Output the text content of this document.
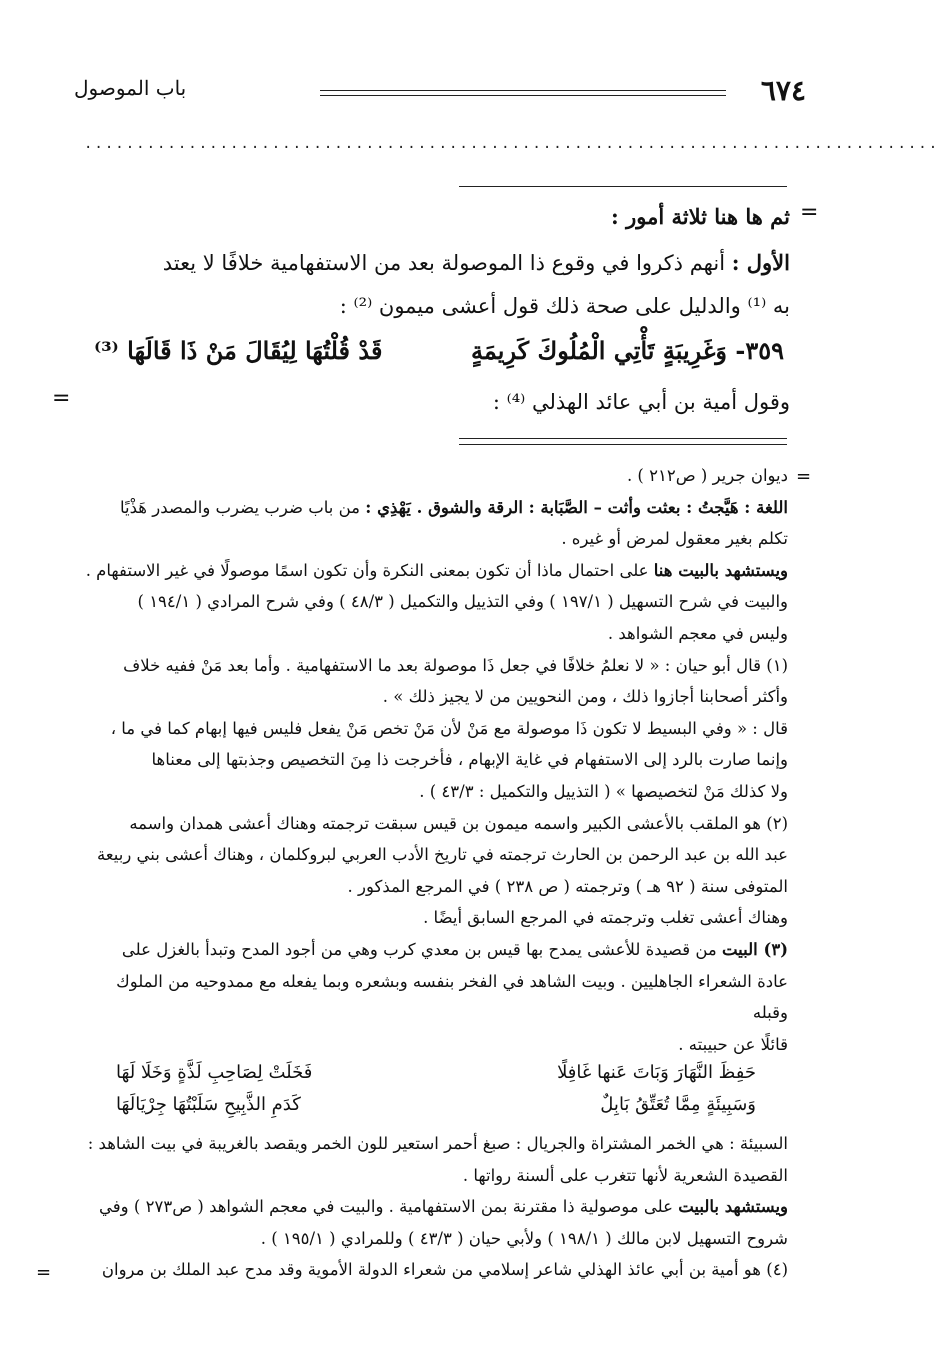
٦٧٤
باب الموصول
··················································································
=
ثم ها هنا ثلاثة أمور :
الأول : أنهم ذكروا في وقوع ذا الموصولة بعد من الاستفهامية خلافًا لا يعتد
به ⁽¹⁾ والدليل على صحة ذلك قول أعشى ميمون ⁽²⁾ :
٣٥٩- وَغَرِيبَةٍ تَأْتِي الْمُلُوكَ كَرِيمَةٍ
قَدْ قُلْتُهَا لِيُقَالَ مَنْ ذَا قَالَهَا ⁽³⁾
=	وقول أمية بن أبي عائد الهذلي ⁽⁴⁾ :
=

ديوان جرير ( ص٢١٢ ) .

اللغة : هَيَّجتُ : بعثت وأثت – الصَّبَابة : الرقة والشوق . يَهْذِي : من باب ضرب يضرب والمصدر هَذْيًا

تكلم بغير معقول لمرض أو غيره .

ويستشهد بالبيت هنا على احتمال ماذا أن تكون بمعنى النكرة وأن تكون اسمًا موصولًا في غير الاستفهام .

والبيت في شرح التسهيل ( ١٩٧/١ ) وفي التذييل والتكميل ( ٤٨/٣ ) وفي شرح المرادي ( ١٩٤/١ )

وليس في معجم الشواهد .

(١) قال أبو حيان : « لا نعلمُ خلافًا في جعل ذَا موصولة بعد ما الاستفهامية . وأما بعد مَنْ ففيه خلاف

وأكثر أصحابنا أجازوا ذلك ، ومن النحويين من لا يجيز ذلك » .

قال : « وفي البسيط لا تكون ذَا موصولة مع مَنْ لأن مَنْ تخص مَنْ يفعل فليس فيها إبهام كما في ما ،

وإنما صارت بالرد إلى الاستفهام في غاية الإبهام ، فأخرجت ذا مِنَ التخصيص وجذبتها إلى معناها

ولا كذلك مَنْ لتخصيصها » ( التذييل والتكميل : ٤٣/٣ ) .

(٢) هو الملقب بالأعشى الكبير واسمه ميمون بن قيس سبقت ترجمته وهناك أعشى همدان واسمه

عبد الله بن عبد الرحمن بن الحارث ترجمته في تاريخ الأدب العربي لبروكلمان ، وهناك أعشى بني ربيعة

المتوفى سنة ( ٩٢ هـ ) وترجمته ( ص ٢٣٨ ) في المرجع المذكور .

وهناك أعشى تغلب وترجمته في المرجع السابق أيضًا .

(٣) البيت من قصيدة للأعشى يمدح بها قيس بن معدي كرب وهي من أجود المدح وتبدأ بالغزل على

عادة الشعراء الجاهليين . وبيت الشاهد في الفخر بنفسه وبشعره وبما يفعله مع ممدوحيه من الملوك وقبله

قائلًا عن حبيبته .

حَفِظَ النَّهَارَ وَبَاتَ عَنها غَافِلًا
فَخَلَتْ لِصَاحِبِ لَذَّةٍ وَخَلَا لَهَا
وَسَبِيئَةٍ مِمَّا تُعَتِّقُ بَابِلٌ
كَدَمِ الذَّبِيحِ سَلَبْتُهَا جِرْيَالَهَا

السبيئة : هي الخمر المشتراة والجريال : صبغ أحمر استعير للون الخمر ويقصد بالغريبة في بيت الشاهد :

القصيدة الشعرية لأنها تتغرب على ألسنة رواتها .

ويستشهد بالبيت على موصولية ذا مقترنة بمن الاستفهامية . والبيت في معجم الشواهد ( ص٢٧٣ ) وفي

شروح التسهيل لابن مالك ( ١٩٨/١ ) ولأبي حيان ( ٤٣/٣ ) وللمرادي ( ١٩٥/١ ) .

(٤) هو أمية بن أبي عائذ الهذلي شاعر إسلامي من شعراء الدولة الأموية وقد مدح عبد الملك بن مروان

=
